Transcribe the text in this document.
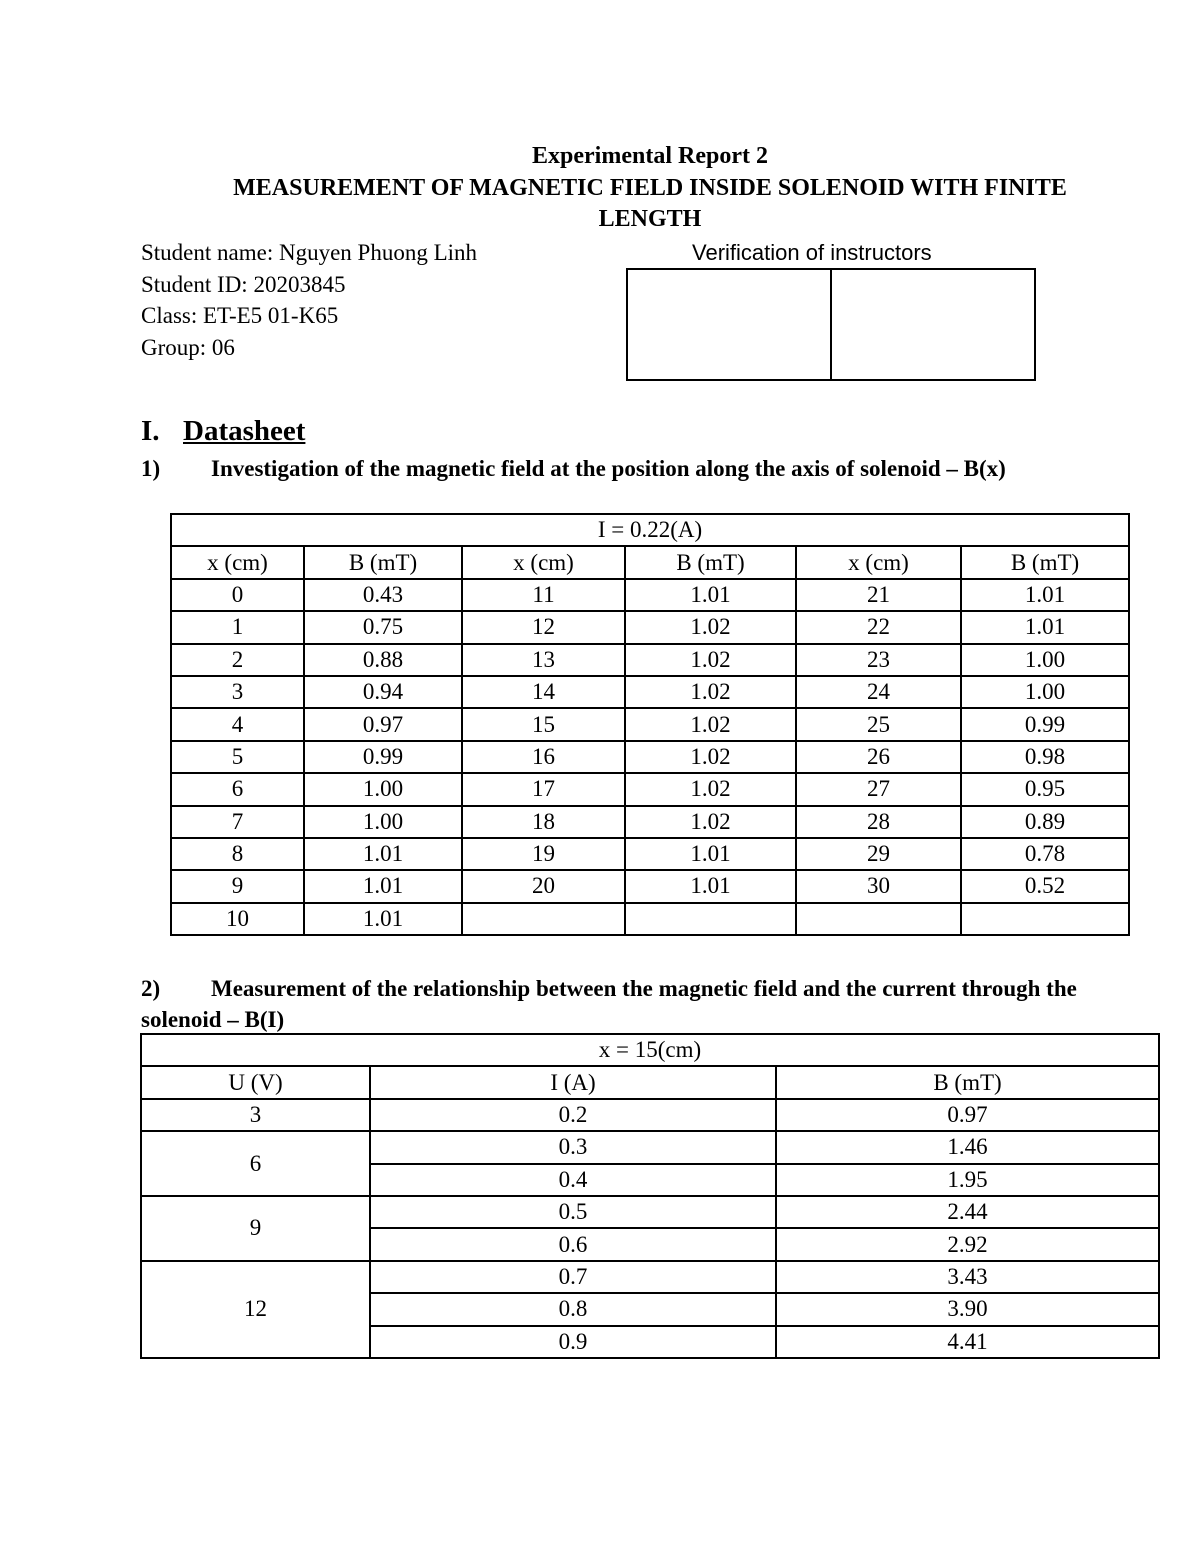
Experimental Report 2
MEASUREMENT OF MAGNETIC FIELD INSIDE SOLENOID WITH FINITE
LENGTH
Student name: Nguyen Phuong Linh
Student ID: 20203845
Class: ET-E5 01-K65
Group: 06
Verification of instructors
I. Datasheet
1) Investigation of the magnetic field at the position along the axis of solenoid – B(x)
I = 0.22(A)					
x (cm)	B (mT)	x (cm)	B (mT)	x (cm)	B (mT)
0	0.43	11	1.01	21	1.01
1	0.75	12	1.02	22	1.01
2	0.88	13	1.02	23	1.00
3	0.94	14	1.02	24	1.00
4	0.97	15	1.02	25	0.99
5	0.99	16	1.02	26	0.98
6	1.00	17	1.02	27	0.95
7	1.00	18	1.02	28	0.89
8	1.01	19	1.01	29	0.78
9	1.01	20	1.01	30	0.52
10	1.01				
2) Measurement of the relationship between the magnetic field and the current through the solenoid – B(I)
x = 15(cm)		
U (V)	I (A)	B (mT)
3	0.2	0.97
6	0.3	1.46
	0.4	1.95
9	0.5	2.44
	0.6	2.92
12	0.7	3.43
	0.8	3.90
	0.9	4.41
